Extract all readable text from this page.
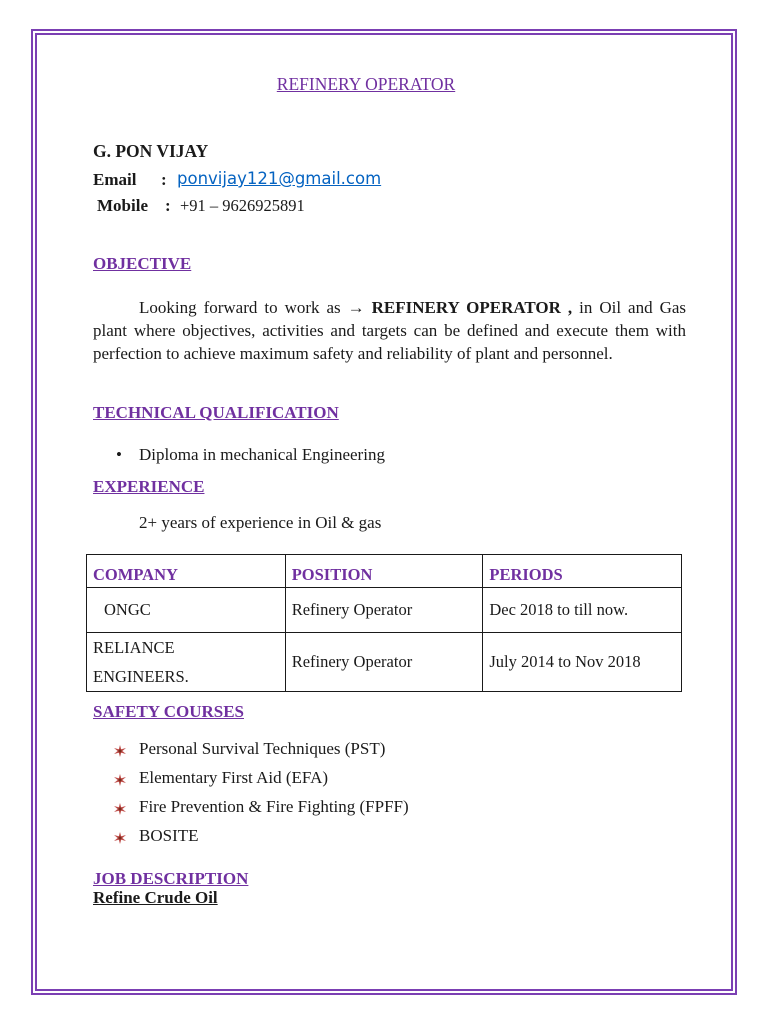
REFINERY OPERATOR
G. PON VIJAY
Email : ponvijay121@gmail.com
Mobile : +91 – 9626925891
OBJECTIVE
Looking forward to work as → REFINERY OPERATOR , in Oil and Gas plant where objectives, activities and targets can be defined and execute them with perfection to achieve maximum safety and reliability of plant and personnel.
TECHNICAL QUALIFICATION
• Diploma in mechanical Engineering
EXPERIENCE
2+ years of experience in Oil & gas
COMPANY	POSITION	PERIODS
ONGC	Refinery Operator	Dec 2018 to till now.

RELIANCE
ENGINEERS.	Refinery Operator	July 2014 to Nov 2018
SAFETY COURSES
Personal Survival Techniques (PST)
Elementary First Aid (EFA)
Fire Prevention & Fire Fighting (FPFF)
BOSITE
JOB DESCRIPTION
Refine Crude Oil
